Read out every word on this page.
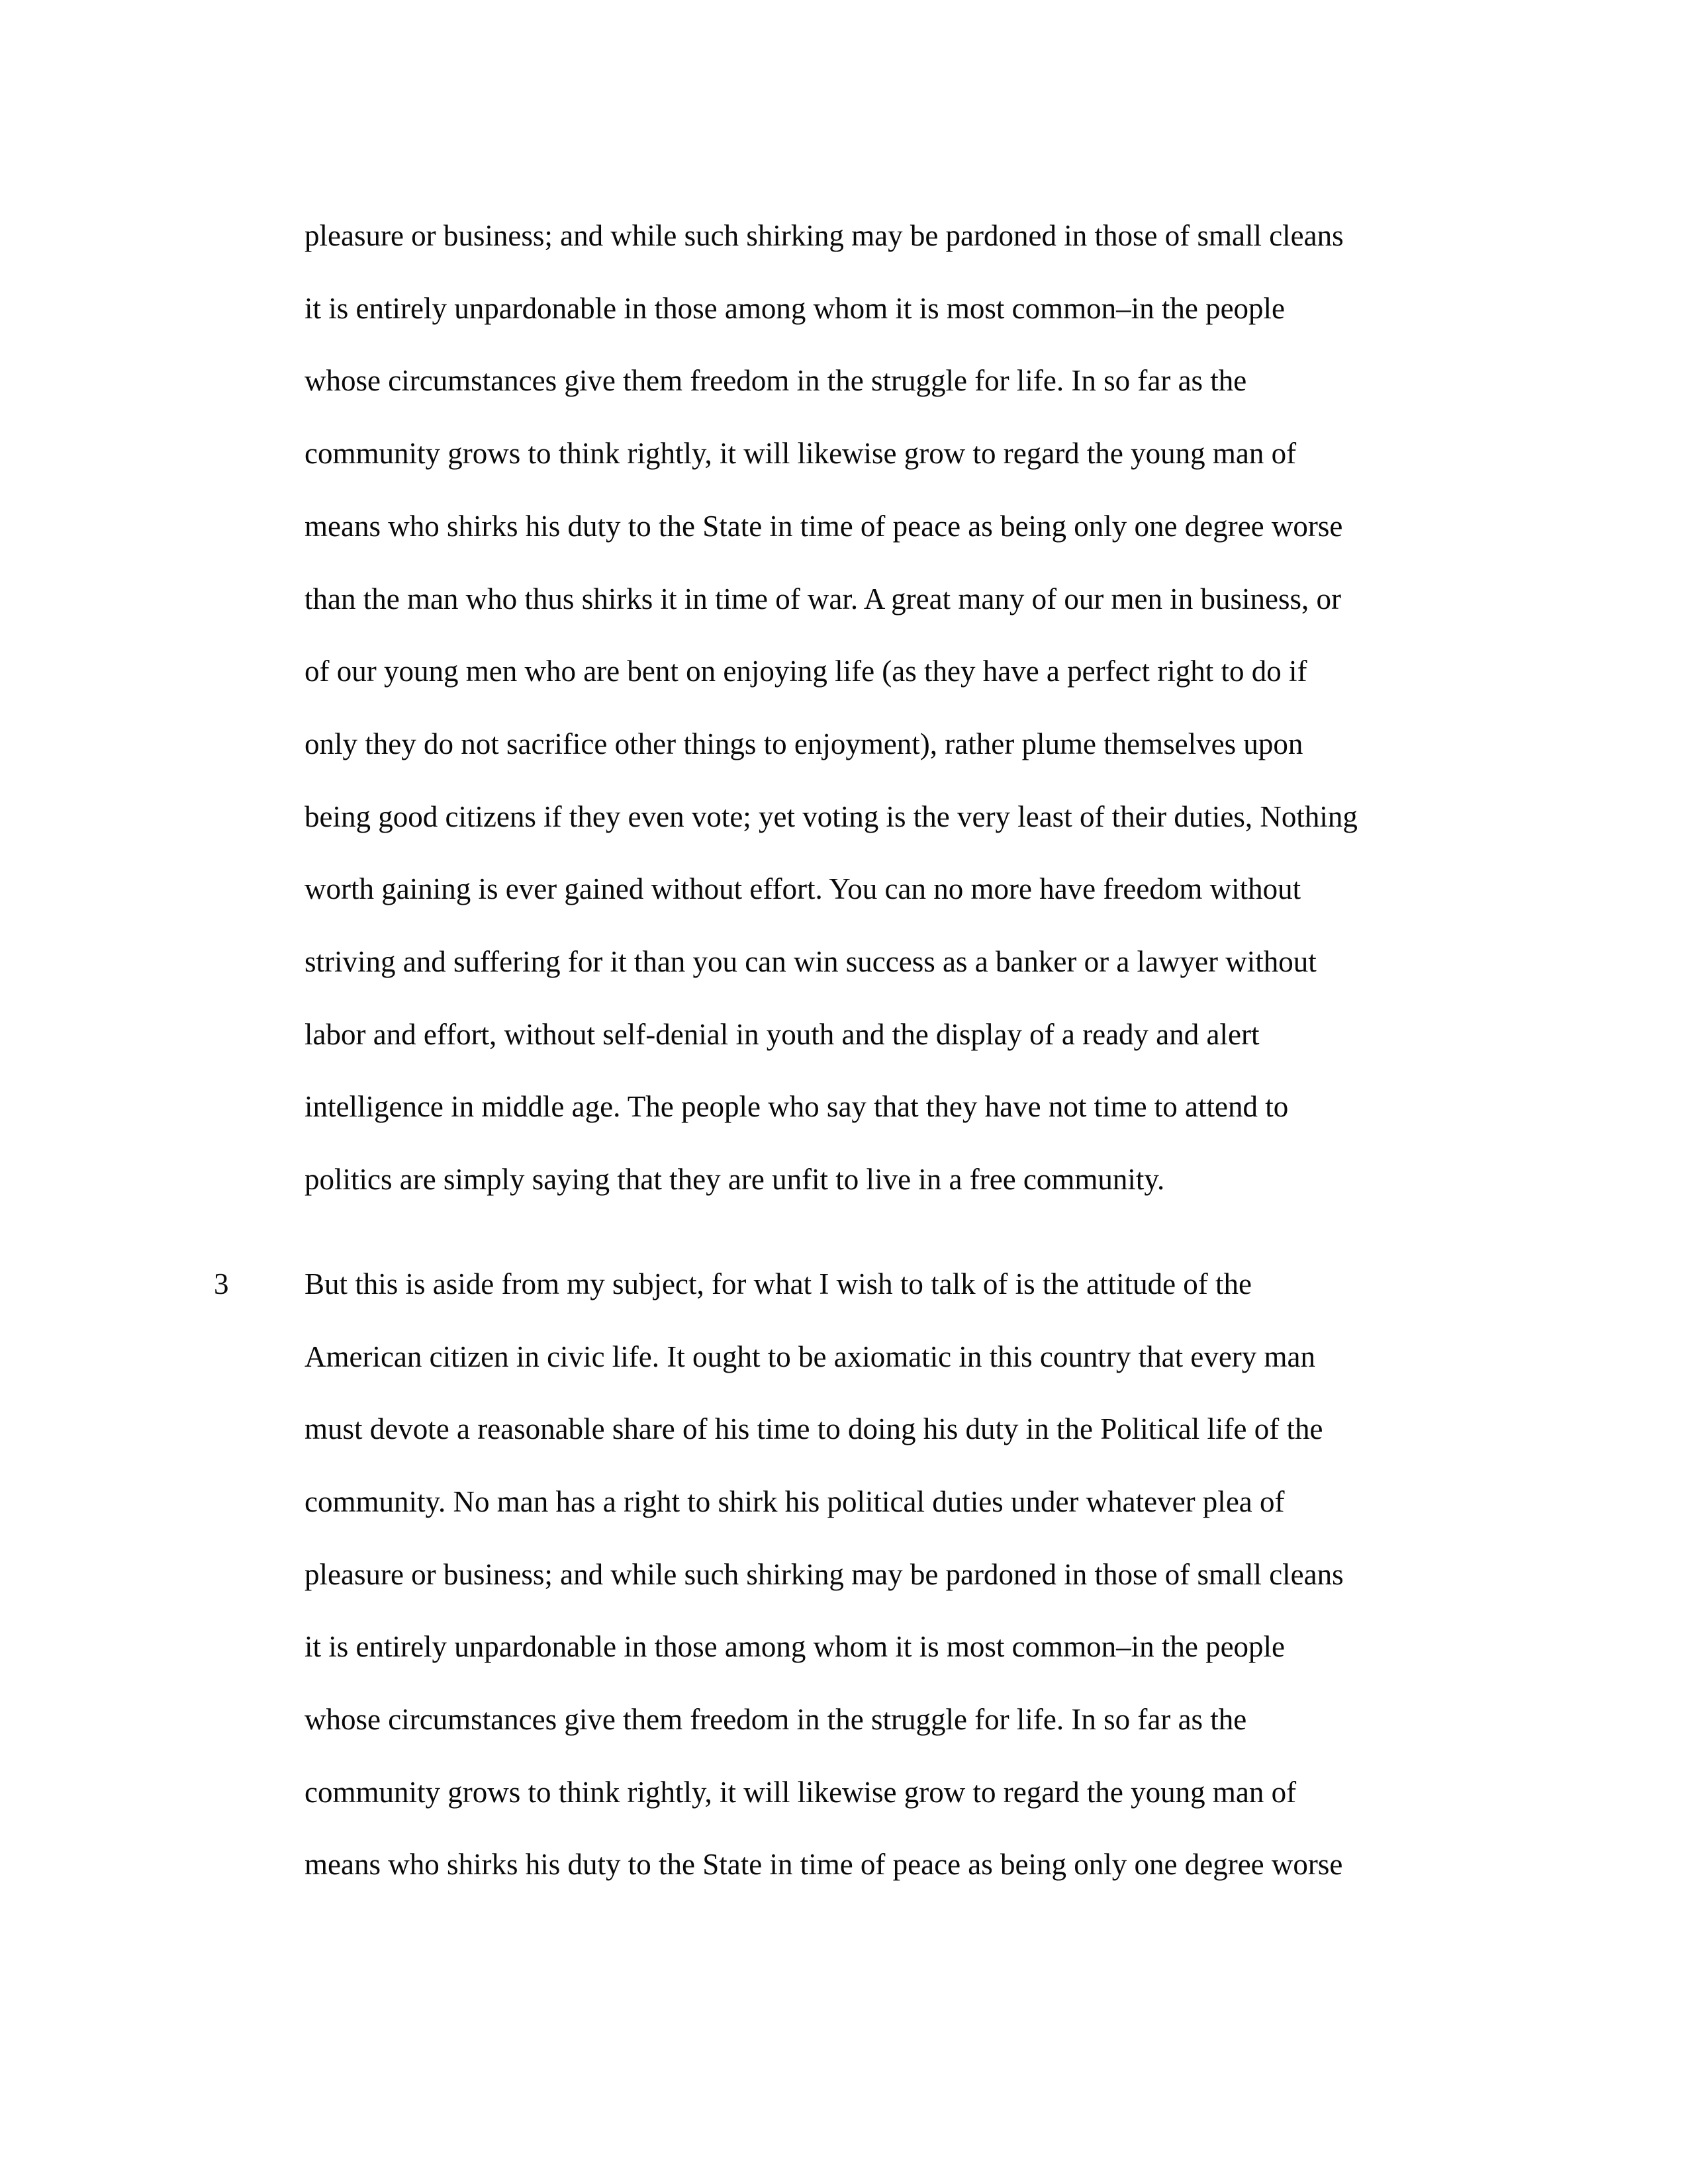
pleasure or business; and while such shirking may be pardoned in those of small cleans
it is entirely unpardonable in those among whom it is most common–in the people
whose circumstances give them freedom in the struggle for life. In so far as the
community grows to think rightly, it will likewise grow to regard the young man of
means who shirks his duty to the State in time of peace as being only one degree worse
than the man who thus shirks it in time of war. A great many of our men in business, or
of our young men who are bent on enjoying life (as they have a perfect right to do if
only they do not sacrifice other things to enjoyment), rather plume themselves upon
being good citizens if they even vote; yet voting is the very least of their duties, Nothing
worth gaining is ever gained without effort. You can no more have freedom without
striving and suffering for it than you can win success as a banker or a lawyer without
labor and effort, without self-denial in youth and the display of a ready and alert
intelligence in middle age. The people who say that they have not time to attend to
politics are simply saying that they are unfit to live in a free community.
3	But this is aside from my subject, for what I wish to talk of is the attitude of the
American citizen in civic life. It ought to be axiomatic in this country that every man
must devote a reasonable share of his time to doing his duty in the Political life of the
community. No man has a right to shirk his political duties under whatever plea of
pleasure or business; and while such shirking may be pardoned in those of small cleans
it is entirely unpardonable in those among whom it is most common–in the people
whose circumstances give them freedom in the struggle for life. In so far as the
community grows to think rightly, it will likewise grow to regard the young man of
means who shirks his duty to the State in time of peace as being only one degree worse
